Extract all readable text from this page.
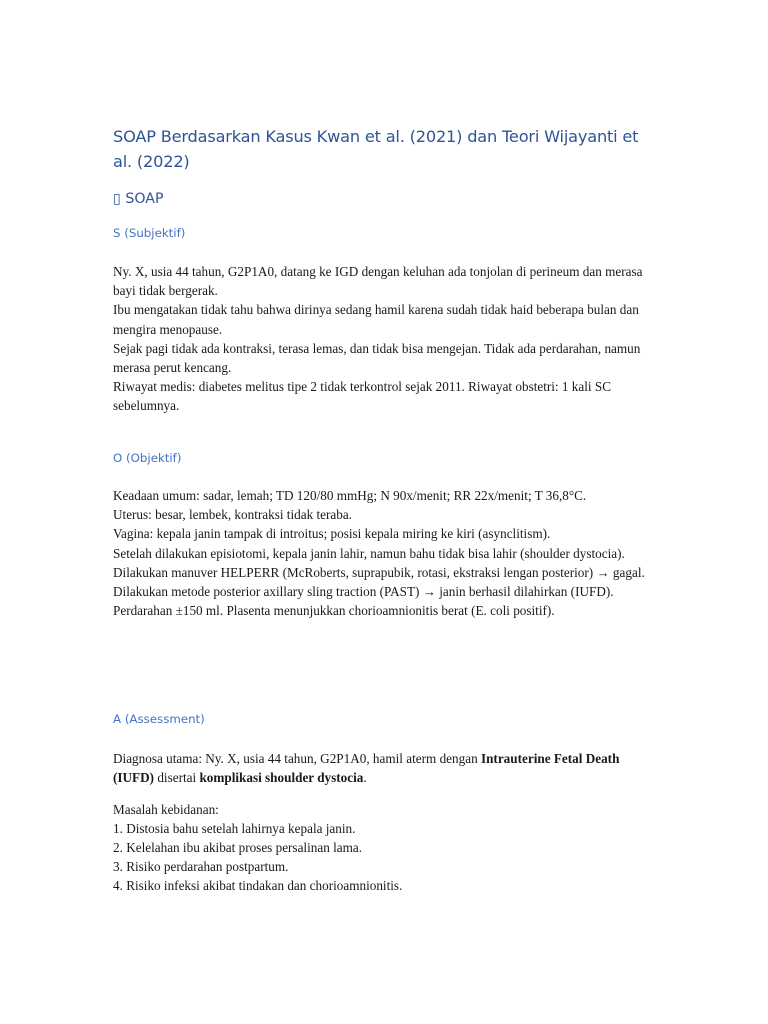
SOAP Berdasarkan Kasus Kwan et al. (2021) dan Teori Wijayanti et al. (2022)
▯ SOAP
S (Subjektif)
Ny. X, usia 44 tahun, G2P1A0, datang ke IGD dengan keluhan ada tonjolan di perineum dan merasa bayi tidak bergerak.
Ibu mengatakan tidak tahu bahwa dirinya sedang hamil karena sudah tidak haid beberapa bulan dan mengira menopause.
Sejak pagi tidak ada kontraksi, terasa lemas, dan tidak bisa mengejan. Tidak ada perdarahan, namun merasa perut kencang.
Riwayat medis: diabetes melitus tipe 2 tidak terkontrol sejak 2011. Riwayat obstetri: 1 kali SC sebelumnya.
O (Objektif)
Keadaan umum: sadar, lemah; TD 120/80 mmHg; N 90x/menit; RR 22x/menit; T 36,8°C.
Uterus: besar, lembek, kontraksi tidak teraba.
Vagina: kepala janin tampak di introitus; posisi kepala miring ke kiri (asynclitism).
Setelah dilakukan episiotomi, kepala janin lahir, namun bahu tidak bisa lahir (shoulder dystocia).
Dilakukan manuver HELPERR (McRoberts, suprapubik, rotasi, ekstraksi lengan posterior) → gagal.
Dilakukan metode posterior axillary sling traction (PAST) → janin berhasil dilahirkan (IUFD).
Perdarahan ±150 ml. Plasenta menunjukkan chorioamnionitis berat (E. coli positif).
A (Assessment)
Diagnosa utama: Ny. X, usia 44 tahun, G2P1A0, hamil aterm dengan Intrauterine Fetal Death (IUFD) disertai komplikasi shoulder dystocia.
Masalah kebidanan:
1. Distosia bahu setelah lahirnya kepala janin.
2. Kelelahan ibu akibat proses persalinan lama.
3. Risiko perdarahan postpartum.
4. Risiko infeksi akibat tindakan dan chorioamnionitis.
